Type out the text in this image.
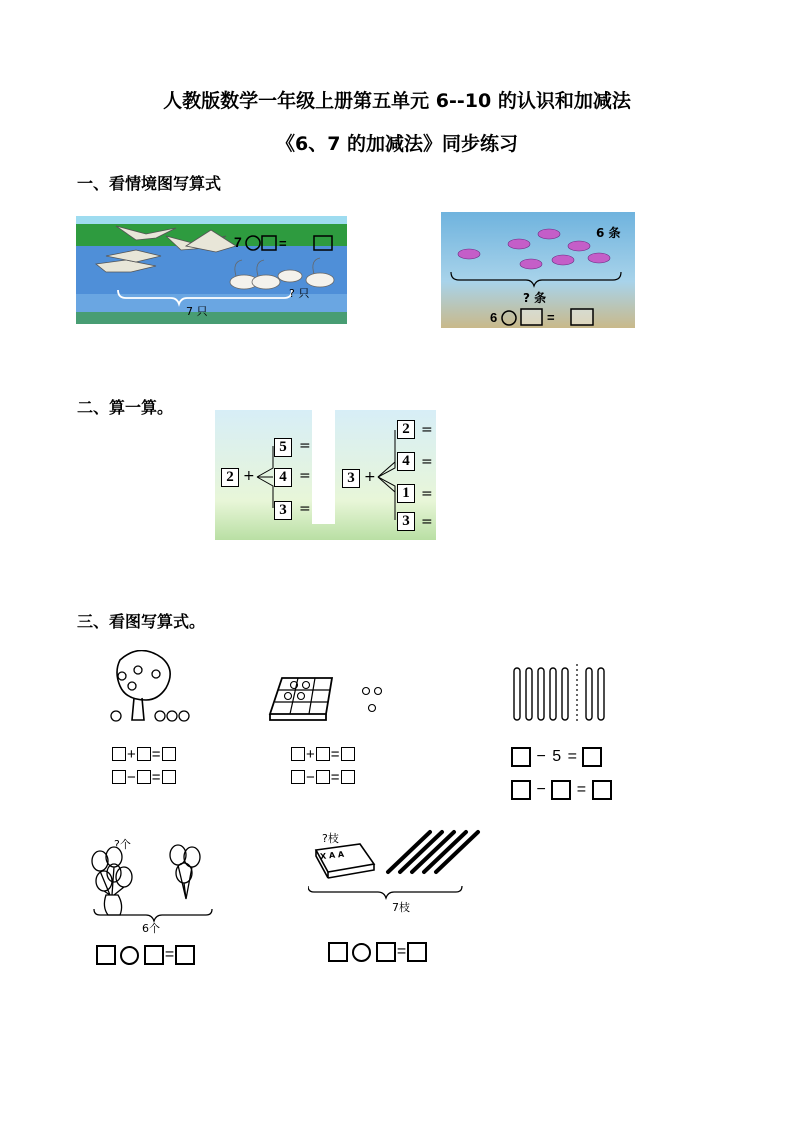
人教版数学一年级上册第五单元 6--10 的认识和加减法
《6、7 的加减法》同步练习
一、看情境图写算式
7	=
? 只
7 只
6 条
? 条
6	=
二、算一算。
2 +
5
4
3
=
=
=
3 +
2
4
1
3
=
=
=
=
三、看图写算式。
+ =
− =
+ =
− =
− 5 =
− =
?个
6个
=
?枝
X A A
7枝
=
